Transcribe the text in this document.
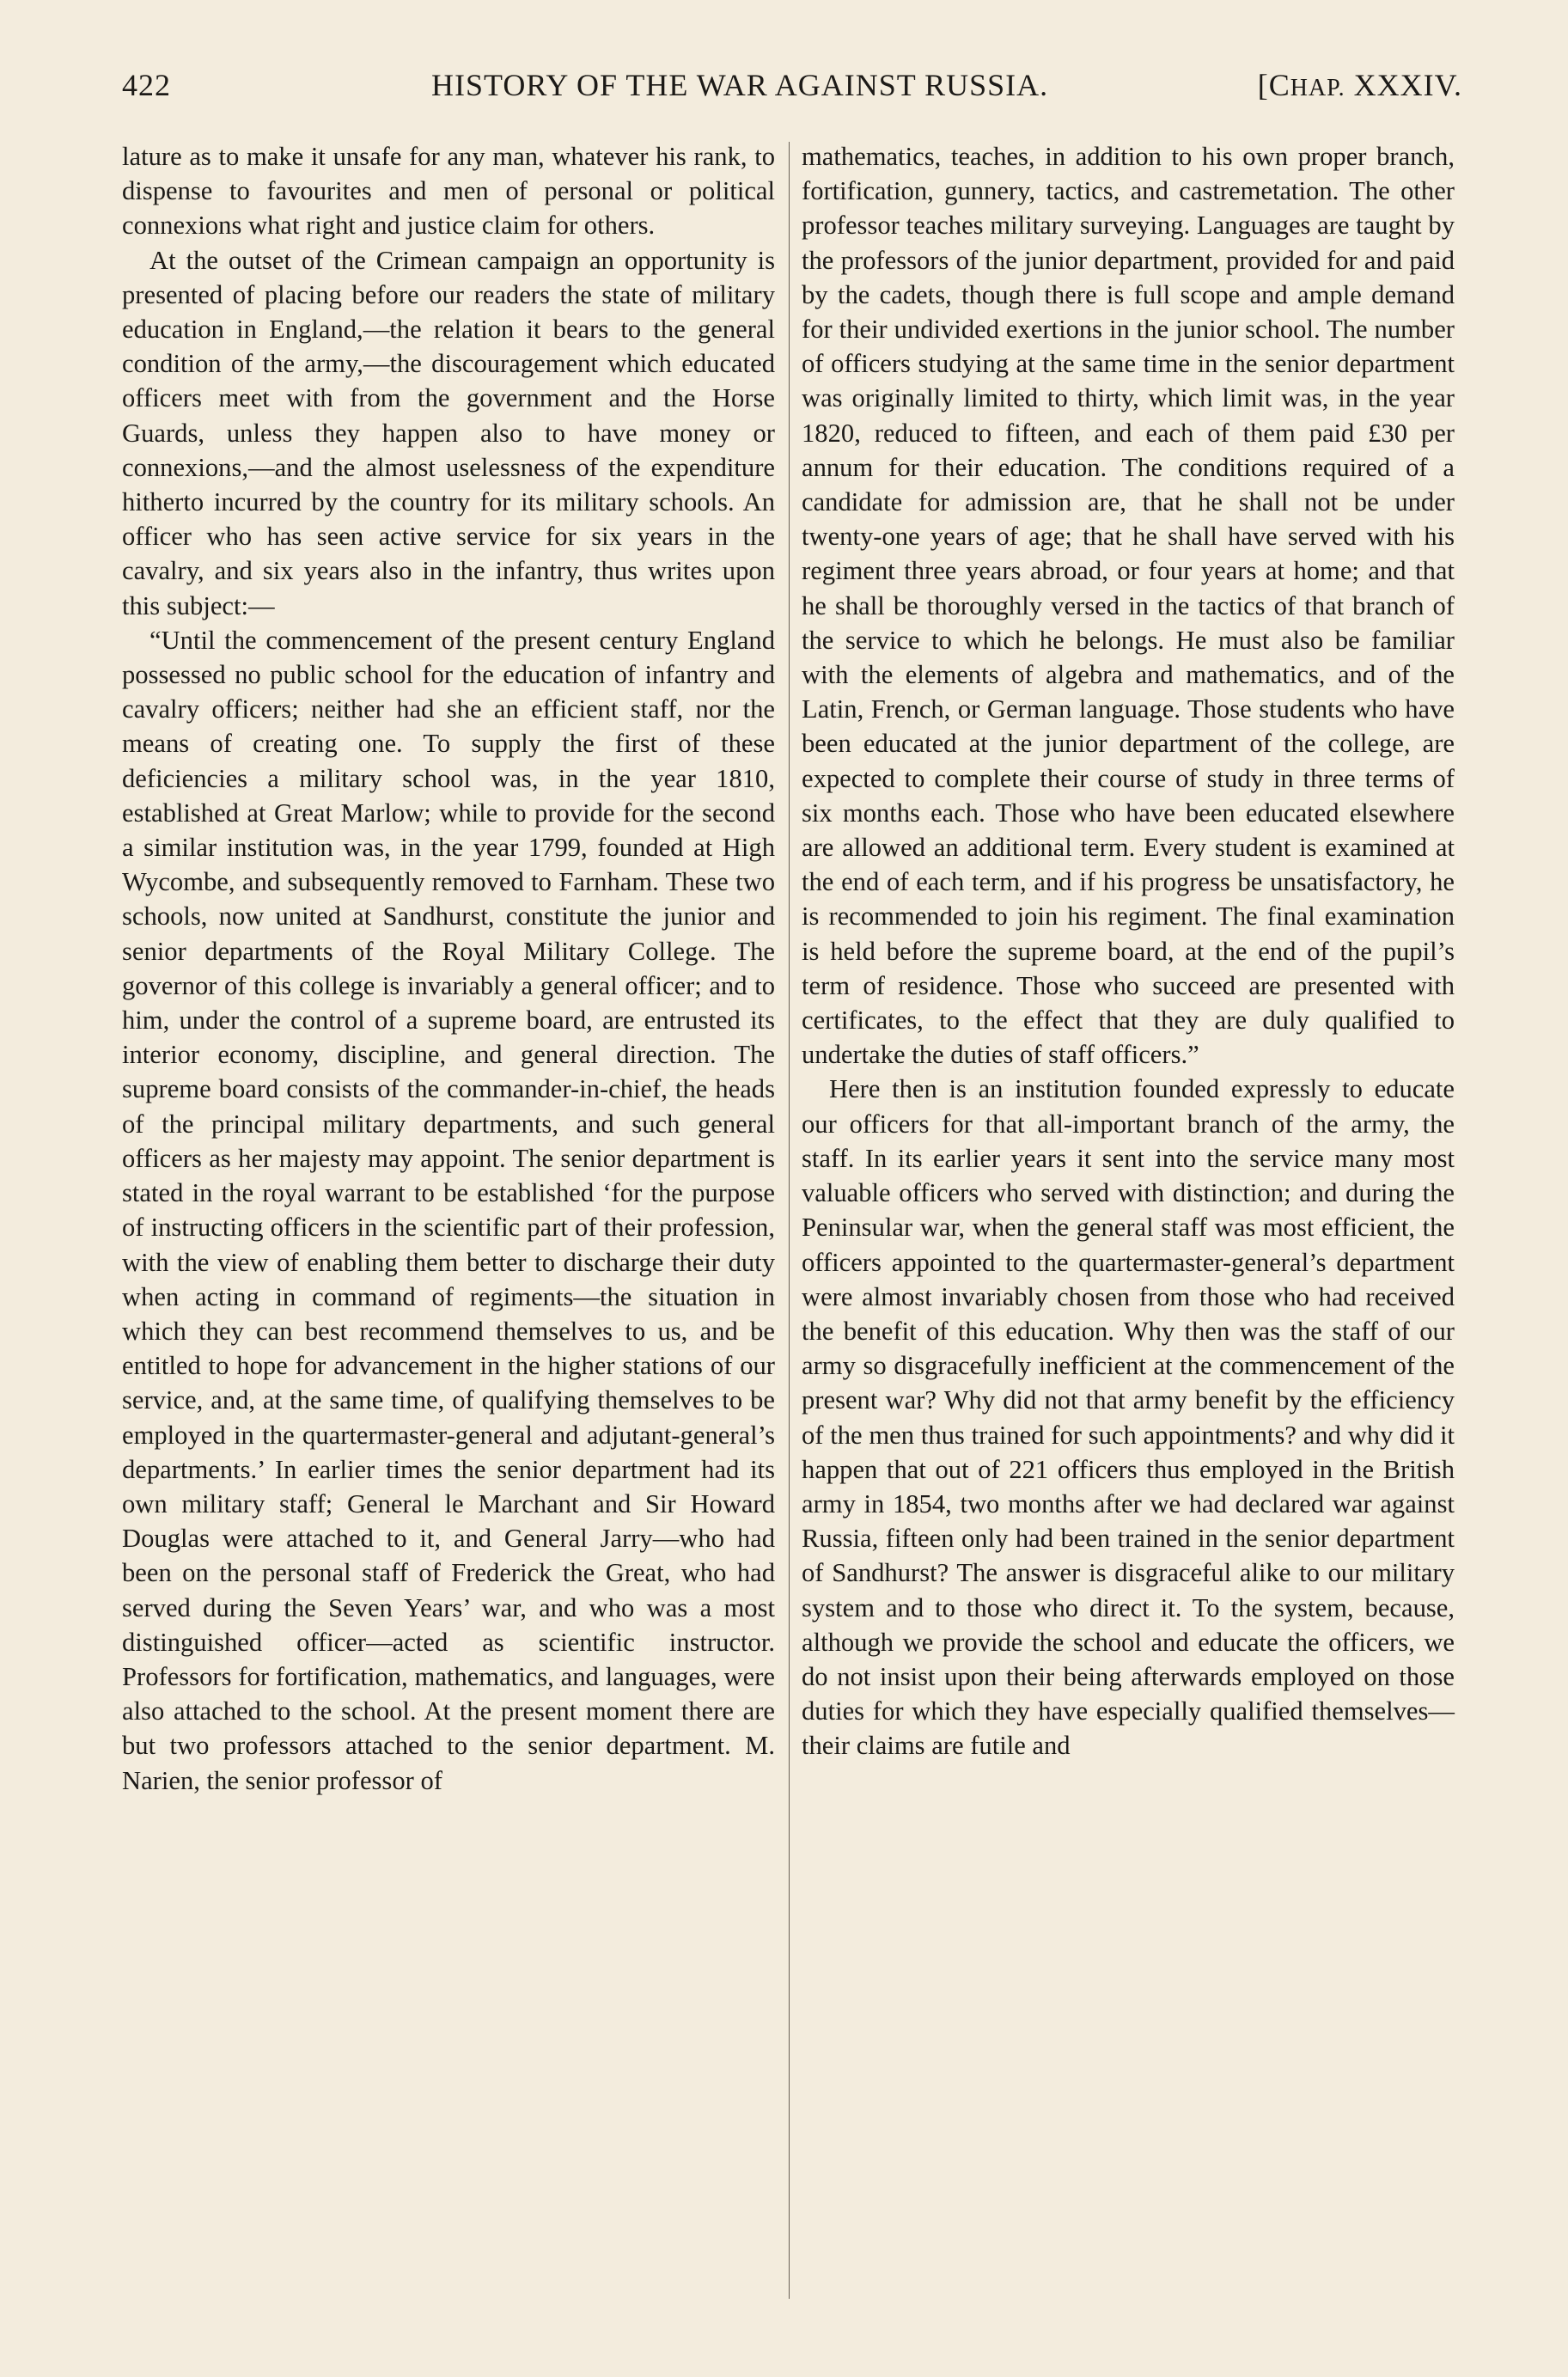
422	HISTORY OF THE WAR AGAINST RUSSIA.	[CHAP. XXXIV.

lature as to make it unsafe for any man, whatever his rank, to dispense to favourites and men of personal or political connexions what right and justice claim for others.

At the outset of the Crimean campaign an opportunity is presented of placing before our readers the state of military education in England,—the relation it bears to the general condition of the army,—the discouragement which educated officers meet with from the government and the Horse Guards, unless they happen also to have money or connexions,—and the almost uselessness of the expenditure hitherto incurred by the country for its military schools. An officer who has seen active service for six years in the cavalry, and six years also in the infantry, thus writes upon this subject:—

“Until the commencement of the present century England possessed no public school for the education of infantry and cavalry officers; neither had she an efficient staff, nor the means of creating one. To supply the first of these deficiencies a military school was, in the year 1810, established at Great Marlow; while to provide for the second a similar institution was, in the year 1799, founded at High Wycombe, and subsequently removed to Farnham. These two schools, now united at Sandhurst, constitute the junior and senior departments of the Royal Military College. The governor of this college is invariably a general officer; and to him, under the control of a supreme board, are entrusted its interior economy, discipline, and general direction. The supreme board consists of the commander-in-chief, the heads of the principal military departments, and such general officers as her majesty may appoint. The senior department is stated in the royal warrant to be established ‘for the purpose of instructing officers in the scientific part of their profession, with the view of enabling them better to discharge their duty when acting in command of regiments—the situation in which they can best recommend themselves to us, and be entitled to hope for advancement in the higher stations of our service, and, at the same time, of qualifying themselves to be employed in the quartermaster-general and adjutant-general’s departments.’ In earlier times the senior department had its own military staff; General le Marchant and Sir Howard Douglas were attached to it, and General Jarry—who had been on the personal staff of Frederick the Great, who had served during the Seven Years’ war, and who was a most distinguished officer—acted as scientific instructor. Professors for fortification, mathematics, and languages, were also attached to the school. At the present moment there are but two professors attached to the senior department. M. Narien, the senior professor of

mathematics, teaches, in addition to his own proper branch, fortification, gunnery, tactics, and castremetation. The other professor teaches military surveying. Languages are taught by the professors of the junior department, provided for and paid by the cadets, though there is full scope and ample demand for their undivided exertions in the junior school. The number of officers studying at the same time in the senior department was originally limited to thirty, which limit was, in the year 1820, reduced to fifteen, and each of them paid £30 per annum for their education. The conditions required of a candidate for admission are, that he shall not be under twenty-one years of age; that he shall have served with his regiment three years abroad, or four years at home; and that he shall be thoroughly versed in the tactics of that branch of the service to which he belongs. He must also be familiar with the elements of algebra and mathematics, and of the Latin, French, or German language. Those students who have been educated at the junior department of the college, are expected to complete their course of study in three terms of six months each. Those who have been educated elsewhere are allowed an additional term. Every student is examined at the end of each term, and if his progress be unsatisfactory, he is recommended to join his regiment. The final examination is held before the supreme board, at the end of the pupil’s term of residence. Those who succeed are presented with certificates, to the effect that they are duly qualified to undertake the duties of staff officers.”

Here then is an institution founded expressly to educate our officers for that all-important branch of the army, the staff. In its earlier years it sent into the service many most valuable officers who served with distinction; and during the Peninsular war, when the general staff was most efficient, the officers appointed to the quartermaster-general’s department were almost invariably chosen from those who had received the benefit of this education. Why then was the staff of our army so disgracefully inefficient at the commencement of the present war? Why did not that army benefit by the efficiency of the men thus trained for such appointments? and why did it happen that out of 221 officers thus employed in the British army in 1854, two months after we had declared war against Russia, fifteen only had been trained in the senior department of Sandhurst? The answer is disgraceful alike to our military system and to those who direct it. To the system, because, although we provide the school and educate the officers, we do not insist upon their being afterwards employed on those duties for which they have especially qualified themselves—their claims are futile and
